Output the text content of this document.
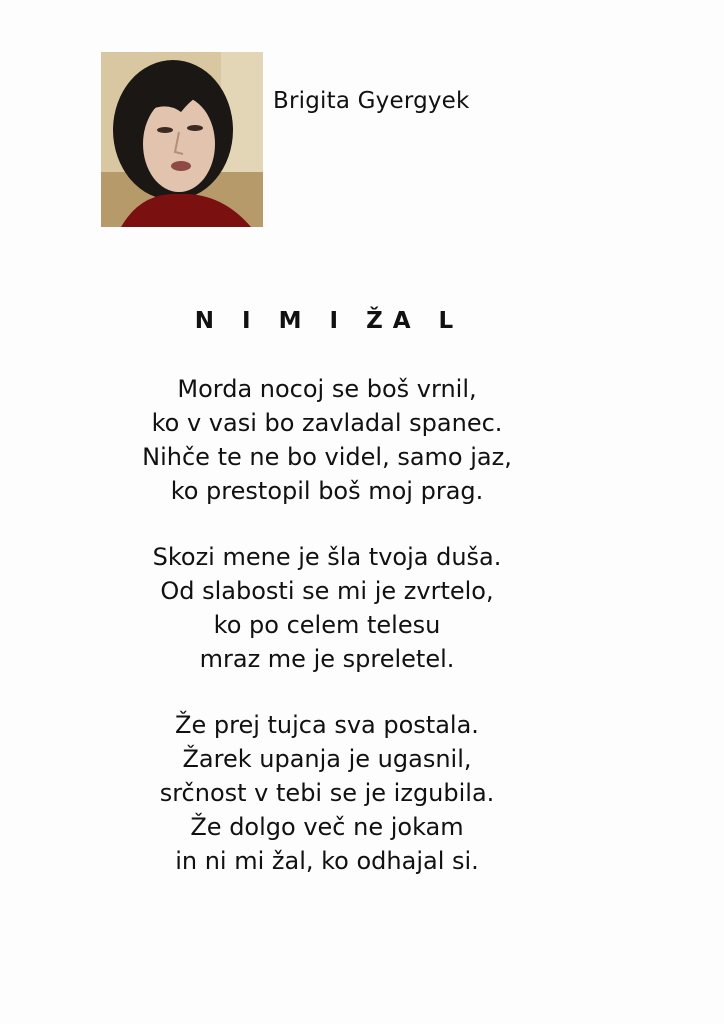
Brigita Gyergyek
N I M I ŽA L
Morda nocoj se boš vrnil,
ko v vasi bo zavladal spanec.
Nihče te ne bo videl, samo jaz,
ko prestopil boš moj prag.
Skozi mene je šla tvoja duša.
Od slabosti se mi je zvrtelo,
ko po celem telesu
mraz me je spreletel.
Že prej tujca sva postala.
Žarek upanja je ugasnil,
srčnost v tebi se je izgubila.
Že dolgo več ne jokam
in ni mi žal, ko odhajal si.
